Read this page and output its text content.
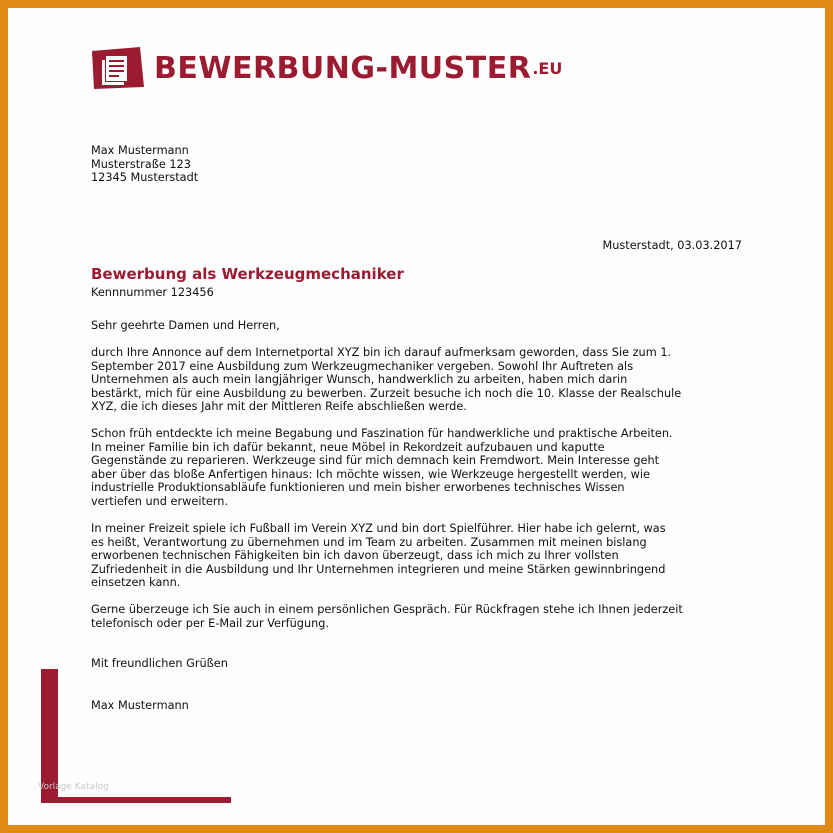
BEWERBUNG-MUSTER .EU
Max Mustermann
Musterstraße 123
12345 Musterstadt
Musterstadt, 03.03.2017
Bewerbung als Werkzeugmechaniker
Kennnummer 123456
Sehr geehrte Damen und Herren,
durch Ihre Annonce auf dem Internetportal XYZ bin ich darauf aufmerksam geworden, dass Sie zum 1.
September 2017 eine Ausbildung zum Werkzeugmechaniker vergeben. Sowohl Ihr Auftreten als
Unternehmen als auch mein langjähriger Wunsch, handwerklich zu arbeiten, haben mich darin
bestärkt, mich für eine Ausbildung zu bewerben. Zurzeit besuche ich noch die 10. Klasse der Realschule
XYZ, die ich dieses Jahr mit der Mittleren Reife abschließen werde.
Schon früh entdeckte ich meine Begabung und Faszination für handwerkliche und praktische Arbeiten.
In meiner Familie bin ich dafür bekannt, neue Möbel in Rekordzeit aufzubauen und kaputte
Gegenstände zu reparieren. Werkzeuge sind für mich demnach kein Fremdwort. Mein Interesse geht
aber über das bloße Anfertigen hinaus: Ich möchte wissen, wie Werkzeuge hergestellt werden, wie
industrielle Produktionsabläufe funktionieren und mein bisher erworbenes technisches Wissen
vertiefen und erweitern.
In meiner Freizeit spiele ich Fußball im Verein XYZ und bin dort Spielführer. Hier habe ich gelernt, was
es heißt, Verantwortung zu übernehmen und im Team zu arbeiten. Zusammen mit meinen bislang
erworbenen technischen Fähigkeiten bin ich davon überzeugt, dass ich mich zu Ihrer vollsten
Zufriedenheit in die Ausbildung und Ihr Unternehmen integrieren und meine Stärken gewinnbringend
einsetzen kann.
Gerne überzeuge ich Sie auch in einem persönlichen Gespräch. Für Rückfragen stehe ich Ihnen jederzeit
telefonisch oder per E-Mail zur Verfügung.
Mit freundlichen Grüßen
Max Mustermann
Vorlage Katalog
